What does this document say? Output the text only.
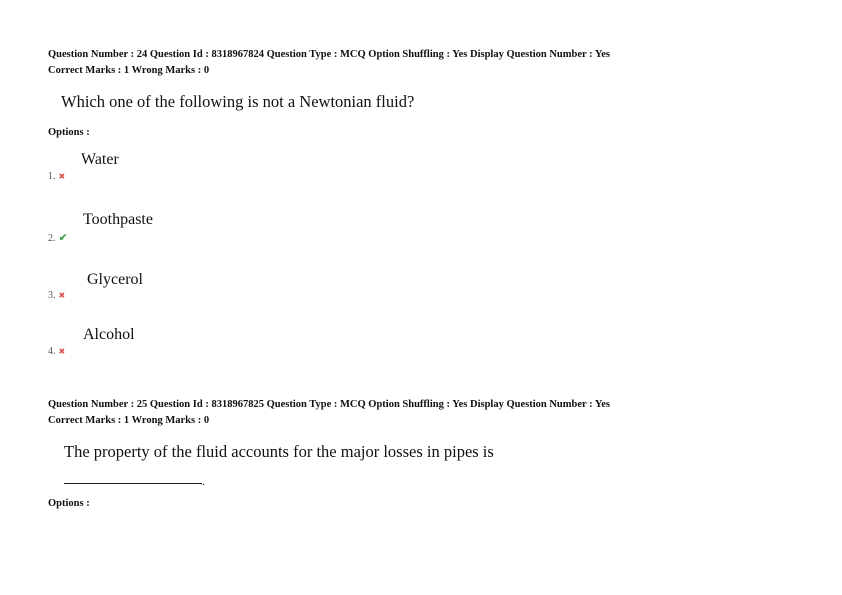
Question Number : 24 Question Id : 8318967824 Question Type : MCQ Option Shuffling : Yes Display Question Number : Yes
Correct Marks : 1 Wrong Marks : 0
Which one of the following is not a Newtonian fluid?
Options :
Water
1. ✖
Toothpaste
2. ✔
Glycerol
3. ✖
Alcohol
4. ✖
Question Number : 25 Question Id : 8318967825 Question Type : MCQ Option Shuffling : Yes Display Question Number : Yes
Correct Marks : 1 Wrong Marks : 0
The property of the fluid accounts for the major losses in pipes is
.
Options :
